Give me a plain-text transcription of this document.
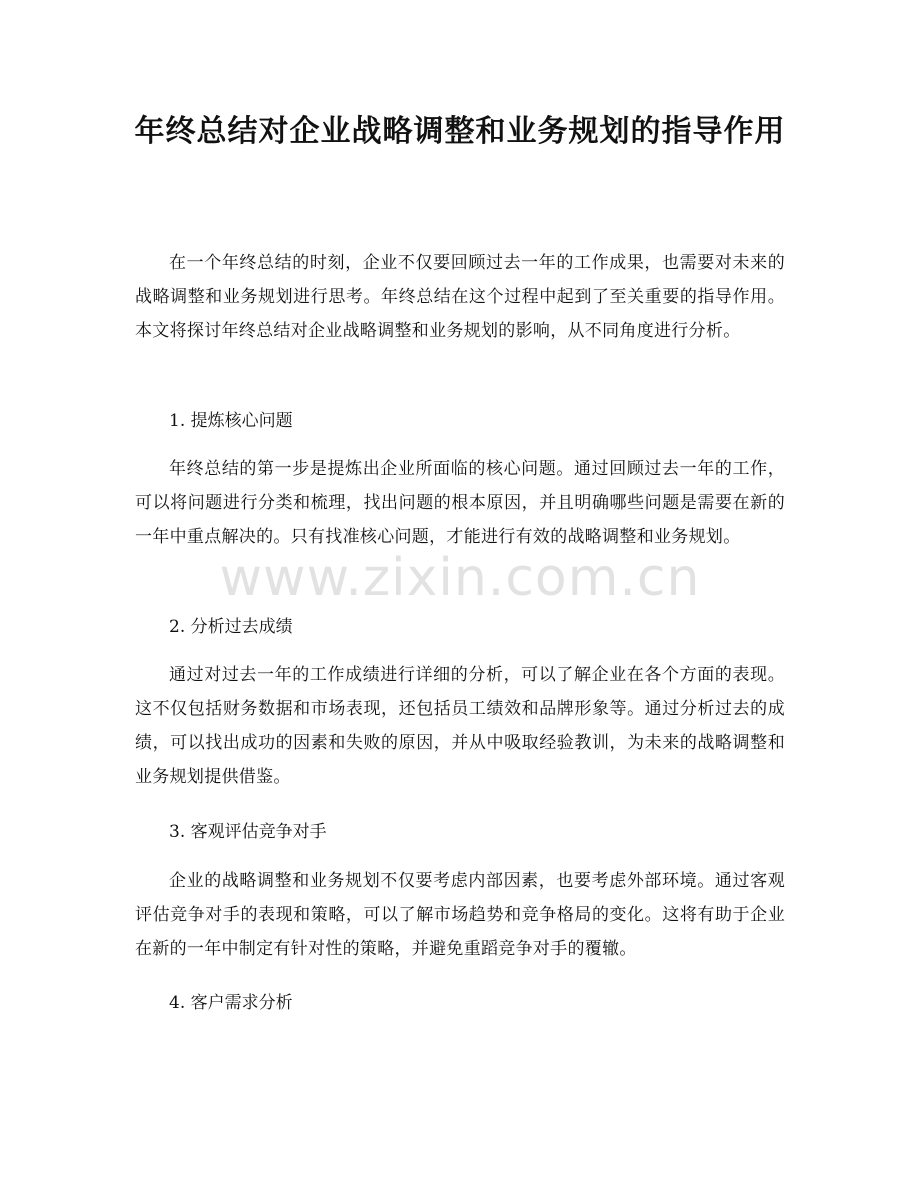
年终总结对企业战略调整和业务规划的指导作用

在一个年终总结的时刻，企业不仅要回顾过去一年的工作成果，也需要对未来的战略调整和业务规划进行思考。年终总结在这个过程中起到了至关重要的指导作用。本文将探讨年终总结对企业战略调整和业务规划的影响，从不同角度进行分析。

1. 提炼核心问题

年终总结的第一步是提炼出企业所面临的核心问题。通过回顾过去一年的工作，可以将问题进行分类和梳理，找出问题的根本原因，并且明确哪些问题是需要在新的一年中重点解决的。只有找准核心问题，才能进行有效的战略调整和业务规划。

2. 分析过去成绩

通过对过去一年的工作成绩进行详细的分析，可以了解企业在各个方面的表现。这不仅包括财务数据和市场表现，还包括员工绩效和品牌形象等。通过分析过去的成绩，可以找出成功的因素和失败的原因，并从中吸取经验教训，为未来的战略调整和业务规划提供借鉴。

3. 客观评估竞争对手

企业的战略调整和业务规划不仅要考虑内部因素，也要考虑外部环境。通过客观评估竞争对手的表现和策略，可以了解市场趋势和竞争格局的变化。这将有助于企业在新的一年中制定有针对性的策略，并避免重蹈竞争对手的覆辙。

4. 客户需求分析

www.zixin.com.cn
